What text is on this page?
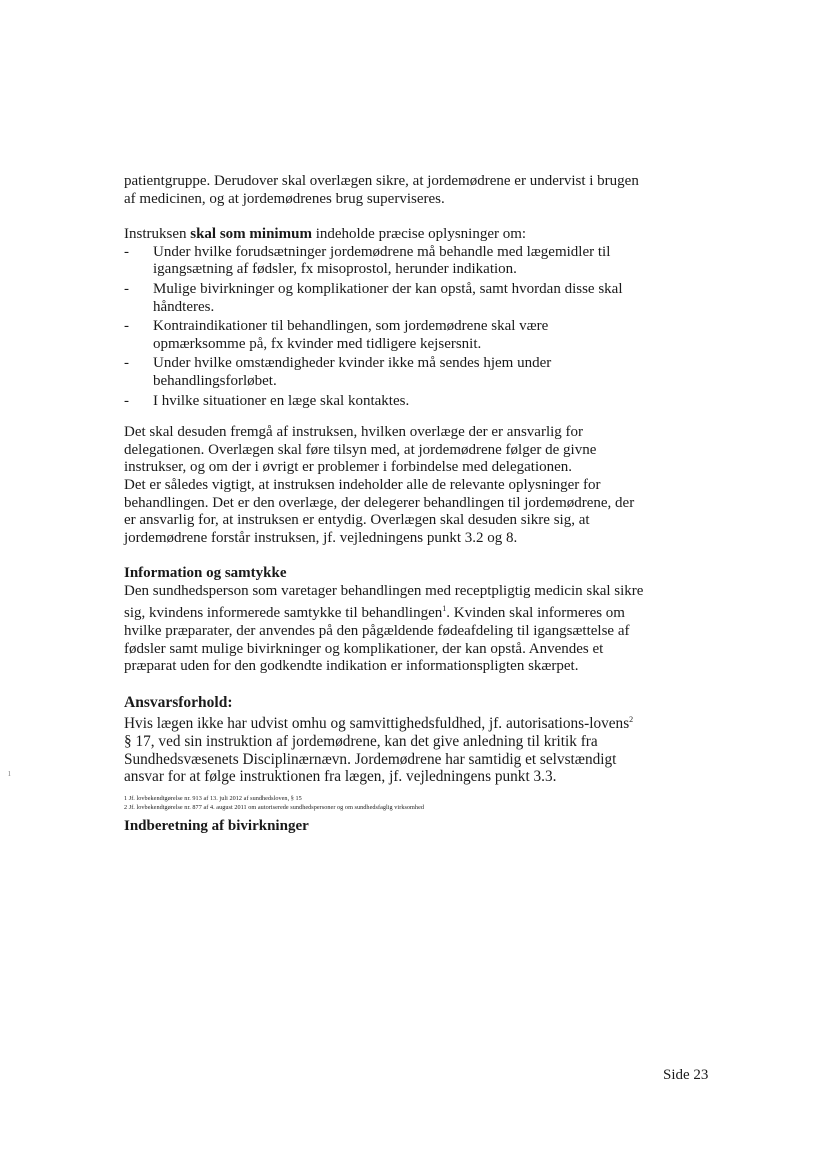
ı

patientgruppe. Derudover skal overlægen sikre, at jordemødrene er undervist i brugen af medicinen, og at jordemødrenes brug superviseres.

Instruksen skal som minimum indeholde præcise oplysninger om:

-	Under hvilke forudsætninger jordemødrene må behandle med lægemidler til igangsætning af fødsler, fx misoprostol, herunder indikation.
-	Mulige bivirkninger og komplikationer der kan opstå, samt hvordan disse skal håndteres.
-	Kontraindikationer til behandlingen, som jordemødrene skal være opmærksomme på, fx kvinder med tidligere kejsersnit.
-	Under hvilke omstændigheder kvinder ikke må sendes hjem under behandlingsforløbet.
-	I hvilke situationer en læge skal kontaktes.

Det skal desuden fremgå af instruksen, hvilken overlæge der er ansvarlig for delegationen. Overlægen skal føre tilsyn med, at jordemødrene følger de givne instrukser, og om der i øvrigt er problemer i forbindelse med delegationen.

Det er således vigtigt, at instruksen indeholder alle de relevante oplysninger for behandlingen. Det er den overlæge, der delegerer behandlingen til jordemødrene, der er ansvarlig for, at instruksen er entydig. Overlægen skal desuden sikre sig, at jordemødrene forstår instruksen, jf. vejledningens punkt 3.2 og 8.

Information og samtykke

Den sundhedsperson som varetager behandlingen med receptpligtig medicin skal sikre sig, kvindens informerede samtykke til behandlingen$^1$. Kvinden skal informeres om hvilke præparater, der anvendes på den pågældende fødeafdeling til igangsættelse af fødsler samt mulige bivirkninger og komplikationer, der kan opstå. Anvendes et præparat uden for den godkendte indikation er informationspligten skærpet.

Ansvarsforhold:

Hvis lægen ikke har udvist omhu og samvittighedsfuldhed, jf. autorisations-lovens$^2$ § 17, ved sin instruktion af jordemødrene, kan det give anledning til kritik fra Sundhedsvæsenets Disciplinærnævn. Jordemødrene har samtidig et selvstændigt ansvar for at følge instruktionen fra lægen, jf. vejledningens punkt 3.3.

1 Jf. lovbekendtgørelse nr. 913 af 13. juli 2012 af sundhedsloven, § 15
2 Jf. lovbekendtgørelse nr. 877 af 4. august 2011 om autoriserede sundhedspersoner og om sundhedsfaglig virksomhed
Indberetning af bivirkninger
Side 23
